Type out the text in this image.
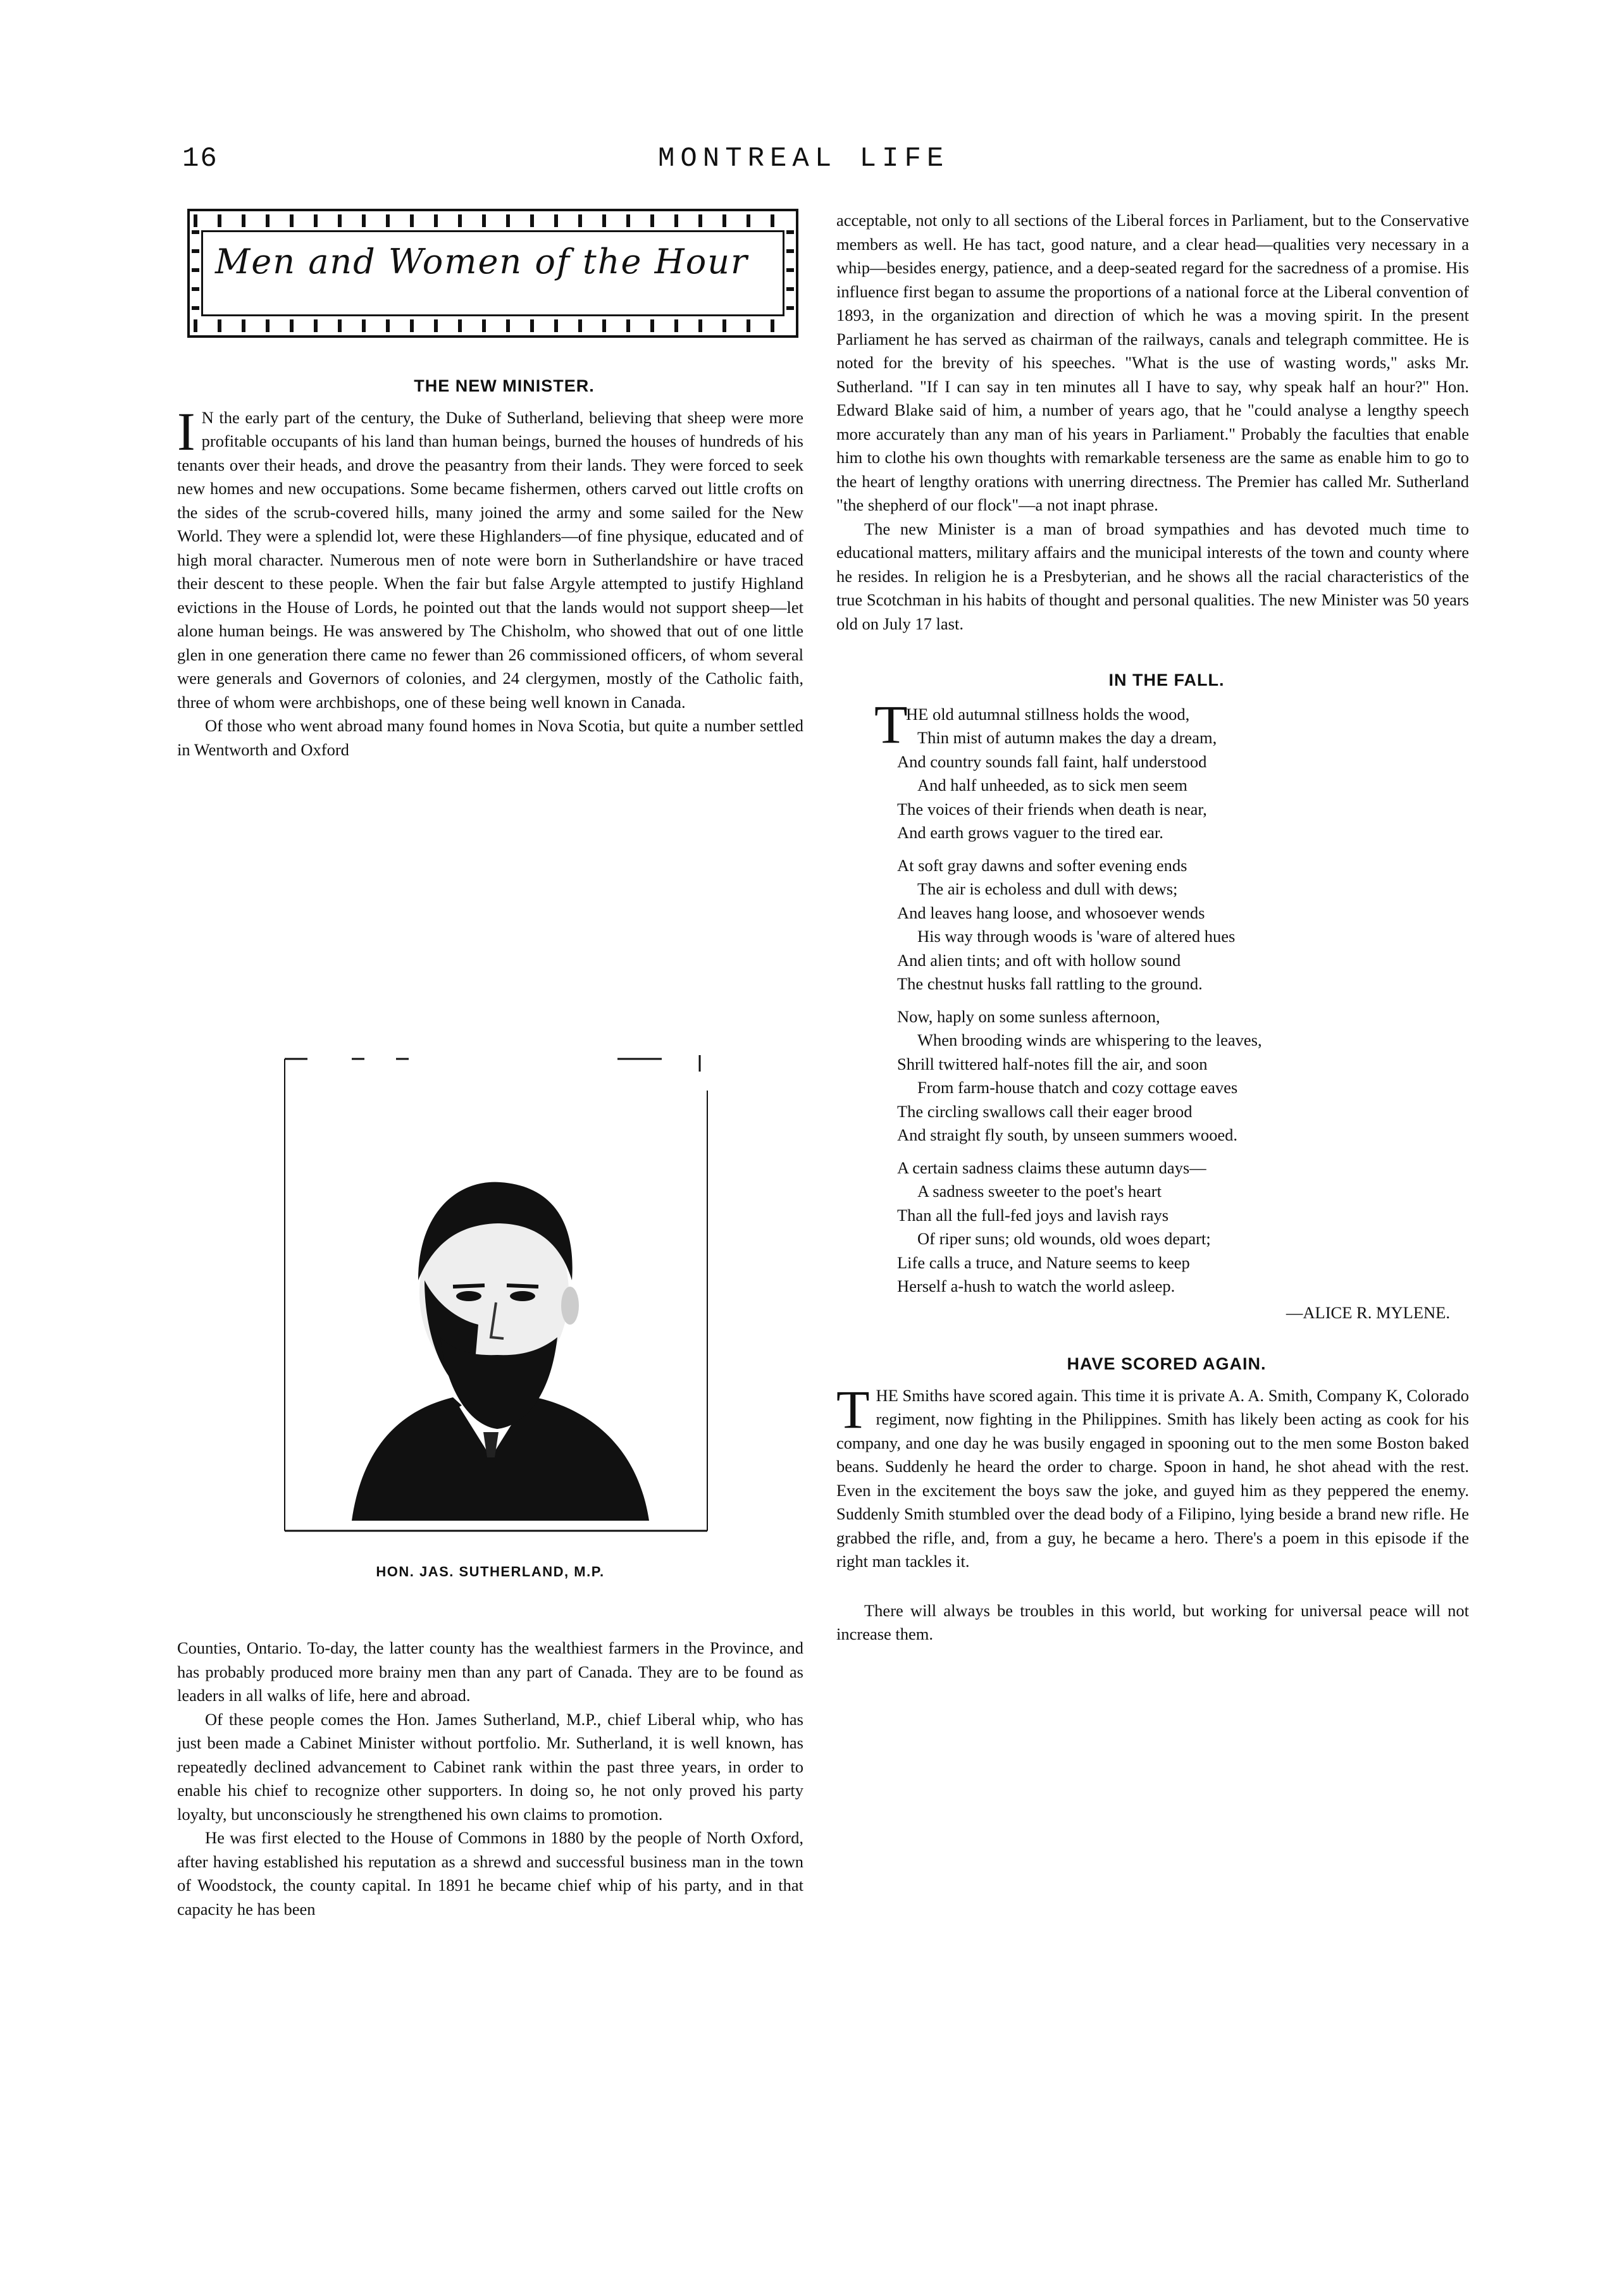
16	MONTREAL LIFE
Men and Women of the Hour

THE NEW MINISTER.

I N the early part of the century, the Duke of Sutherland, believing that sheep were more profitable occupants of his land than human beings, burned the houses of hundreds of his tenants over their heads, and drove the peasantry from their lands. They were forced to seek new homes and new occupations. Some became fishermen, others carved out little crofts on the sides of the scrub-covered hills, many joined the army and some sailed for the New World. They were a splendid lot, were these Highlanders—of fine physique, educated and of high moral character. Numerous men of note were born in Sutherlandshire or have traced their descent to these people. When the fair but false Argyle attempted to justify Highland evictions in the House of Lords, he pointed out that the lands would not support sheep—let alone human beings. He was answered by The Chisholm, who showed that out of one little glen in one generation there came no fewer than 26 commissioned officers, of whom several were generals and Governors of colonies, and 24 clergymen, mostly of the Catholic faith, three of whom were archbishops, one of these being well known in Canada.

Of those who went abroad many found homes in Nova Scotia, but quite a number settled in Wentworth and Oxford

HON. JAS. SUTHERLAND, M.P.

Counties, Ontario. To-day, the latter county has the wealthiest farmers in the Province, and has probably produced more brainy men than any part of Canada. They are to be found as leaders in all walks of life, here and abroad.

Of these people comes the Hon. James Sutherland, M.P., chief Liberal whip, who has just been made a Cabinet Minister without portfolio. Mr. Sutherland, it is well known, has repeatedly declined advancement to Cabinet rank within the past three years, in order to enable his chief to recognize other supporters. In doing so, he not only proved his party loyalty, but unconsciously he strengthened his own claims to promotion.

He was first elected to the House of Commons in 1880 by the people of North Oxford, after having established his reputation as a shrewd and successful business man in the town of Woodstock, the county capital. In 1891 he became chief whip of his party, and in that capacity he has been

acceptable, not only to all sections of the Liberal forces in Parliament, but to the Conservative members as well. He has tact, good nature, and a clear head—qualities very necessary in a whip—besides energy, patience, and a deep-seated regard for the sacredness of a promise. His influence first began to assume the proportions of a national force at the Liberal convention of 1893, in the organization and direction of which he was a moving spirit. In the present Parliament he has served as chairman of the railways, canals and telegraph committee. He is noted for the brevity of his speeches. "What is the use of wasting words," asks Mr. Sutherland. "If I can say in ten minutes all I have to say, why speak half an hour?" Hon. Edward Blake said of him, a number of years ago, that he "could analyse a lengthy speech more accurately than any man of his years in Parliament." Probably the faculties that enable him to clothe his own thoughts with remarkable terseness are the same as enable him to go to the heart of lengthy orations with unerring directness. The Premier has called Mr. Sutherland "the shepherd of our flock"—a not inapt phrase.

The new Minister is a man of broad sympathies and has devoted much time to educational matters, military affairs and the municipal interests of the town and county where he resides. In religion he is a Presbyterian, and he shows all the racial characteristics of the true Scotchman in his habits of thought and personal qualities. The new Minister was 50 years old on July 17 last.

IN THE FALL.

T
HE old autumnal stillness holds the wood,
Thin mist of autumn makes the day a dream,
And country sounds fall faint, half understood
And half unheeded, as to sick men seem
The voices of their friends when death is near,
And earth grows vaguer to the tired ear.
At soft gray dawns and softer evening ends
The air is echoless and dull with dews;
And leaves hang loose, and whosoever wends
His way through woods is 'ware of altered hues
And alien tints; and oft with hollow sound
The chestnut husks fall rattling to the ground.
Now, haply on some sunless afternoon,
When brooding winds are whispering to the leaves,
Shrill twittered half-notes fill the air, and soon
From farm-house thatch and cozy cottage eaves
The circling swallows call their eager brood
And straight fly south, by unseen summers wooed.
A certain sadness claims these autumn days—
A sadness sweeter to the poet's heart
Than all the full-fed joys and lavish rays
Of riper suns; old wounds, old woes depart;
Life calls a truce, and Nature seems to keep
Herself a-hush to watch the world asleep.

—ALICE R. MYLENE.

HAVE SCORED AGAIN.

THE Smiths have scored again. This time it is private A. A. Smith, Company K, Colorado regiment, now fighting in the Philippines. Smith has likely been acting as cook for his company, and one day he was busily engaged in spooning out to the men some Boston baked beans. Suddenly he heard the order to charge. Spoon in hand, he shot ahead with the rest. Even in the excitement the boys saw the joke, and guyed him as they peppered the enemy. Suddenly Smith stumbled over the dead body of a Filipino, lying beside a brand new rifle. He grabbed the rifle, and, from a guy, he became a hero. There's a poem in this episode if the right man tackles it.

There will always be troubles in this world, but working for universal peace will not increase them.
